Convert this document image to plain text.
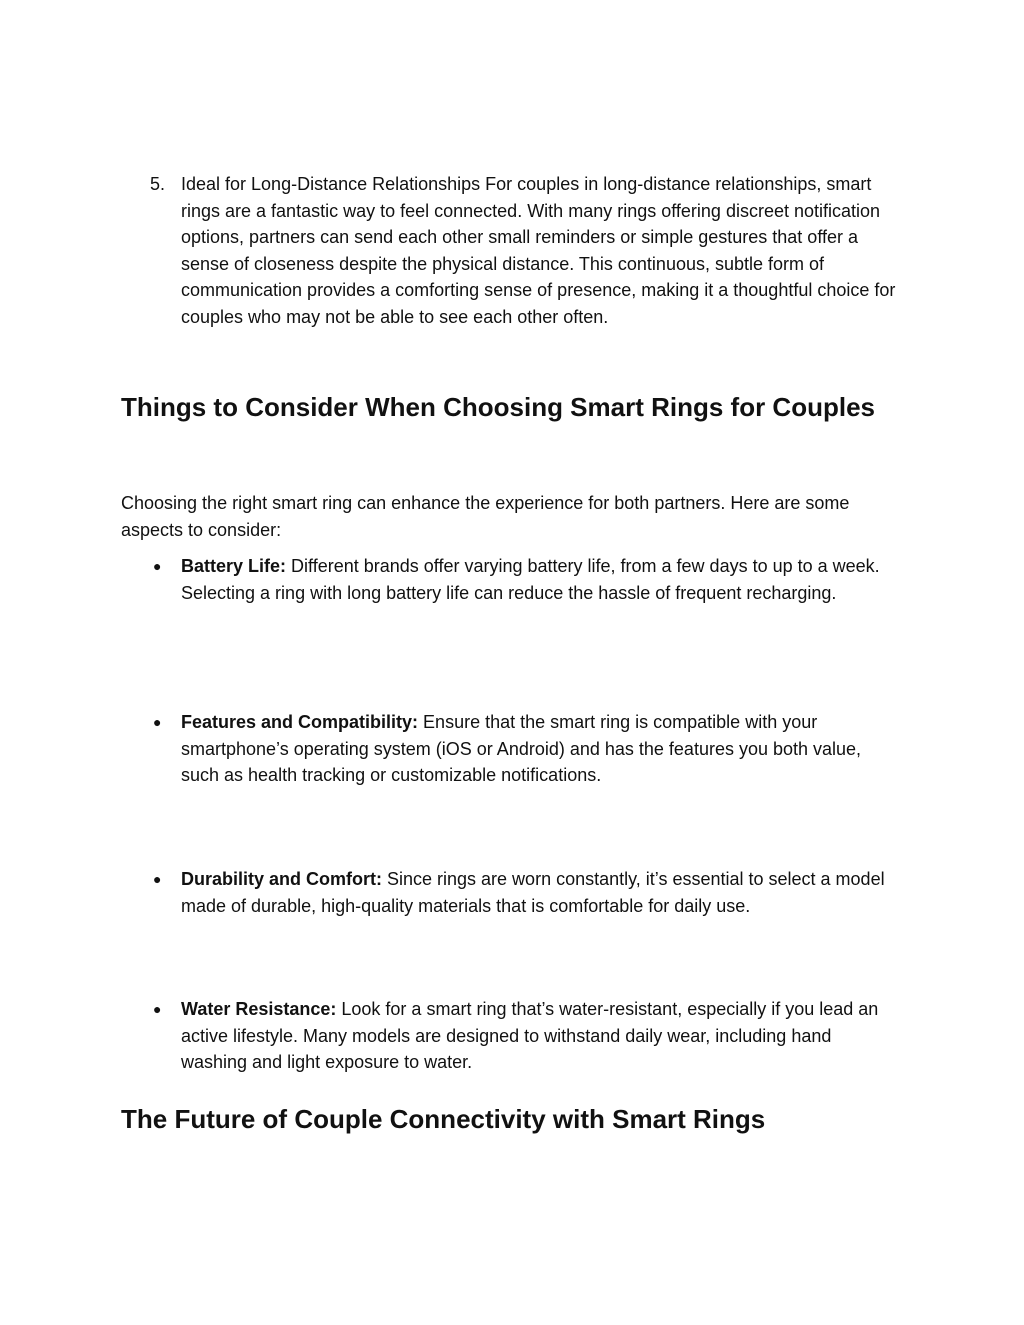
5. Ideal for Long-Distance Relationships For couples in long-distance relationships, smart rings are a fantastic way to feel connected. With many rings offering discreet notification options, partners can send each other small reminders or simple gestures that offer a sense of closeness despite the physical distance. This continuous, subtle form of communication provides a comforting sense of presence, making it a thoughtful choice for couples who may not be able to see each other often.
Things to Consider When Choosing Smart Rings for Couples
Choosing the right smart ring can enhance the experience for both partners. Here are some aspects to consider:
● Battery Life: Different brands offer varying battery life, from a few days to up to a week. Selecting a ring with long battery life can reduce the hassle of frequent recharging.
● Features and Compatibility: Ensure that the smart ring is compatible with your smartphone’s operating system (iOS or Android) and has the features you both value, such as health tracking or customizable notifications.
● Durability and Comfort: Since rings are worn constantly, it’s essential to select a model made of durable, high-quality materials that is comfortable for daily use.
● Water Resistance: Look for a smart ring that’s water-resistant, especially if you lead an active lifestyle. Many models are designed to withstand daily wear, including hand washing and light exposure to water.
The Future of Couple Connectivity with Smart Rings
